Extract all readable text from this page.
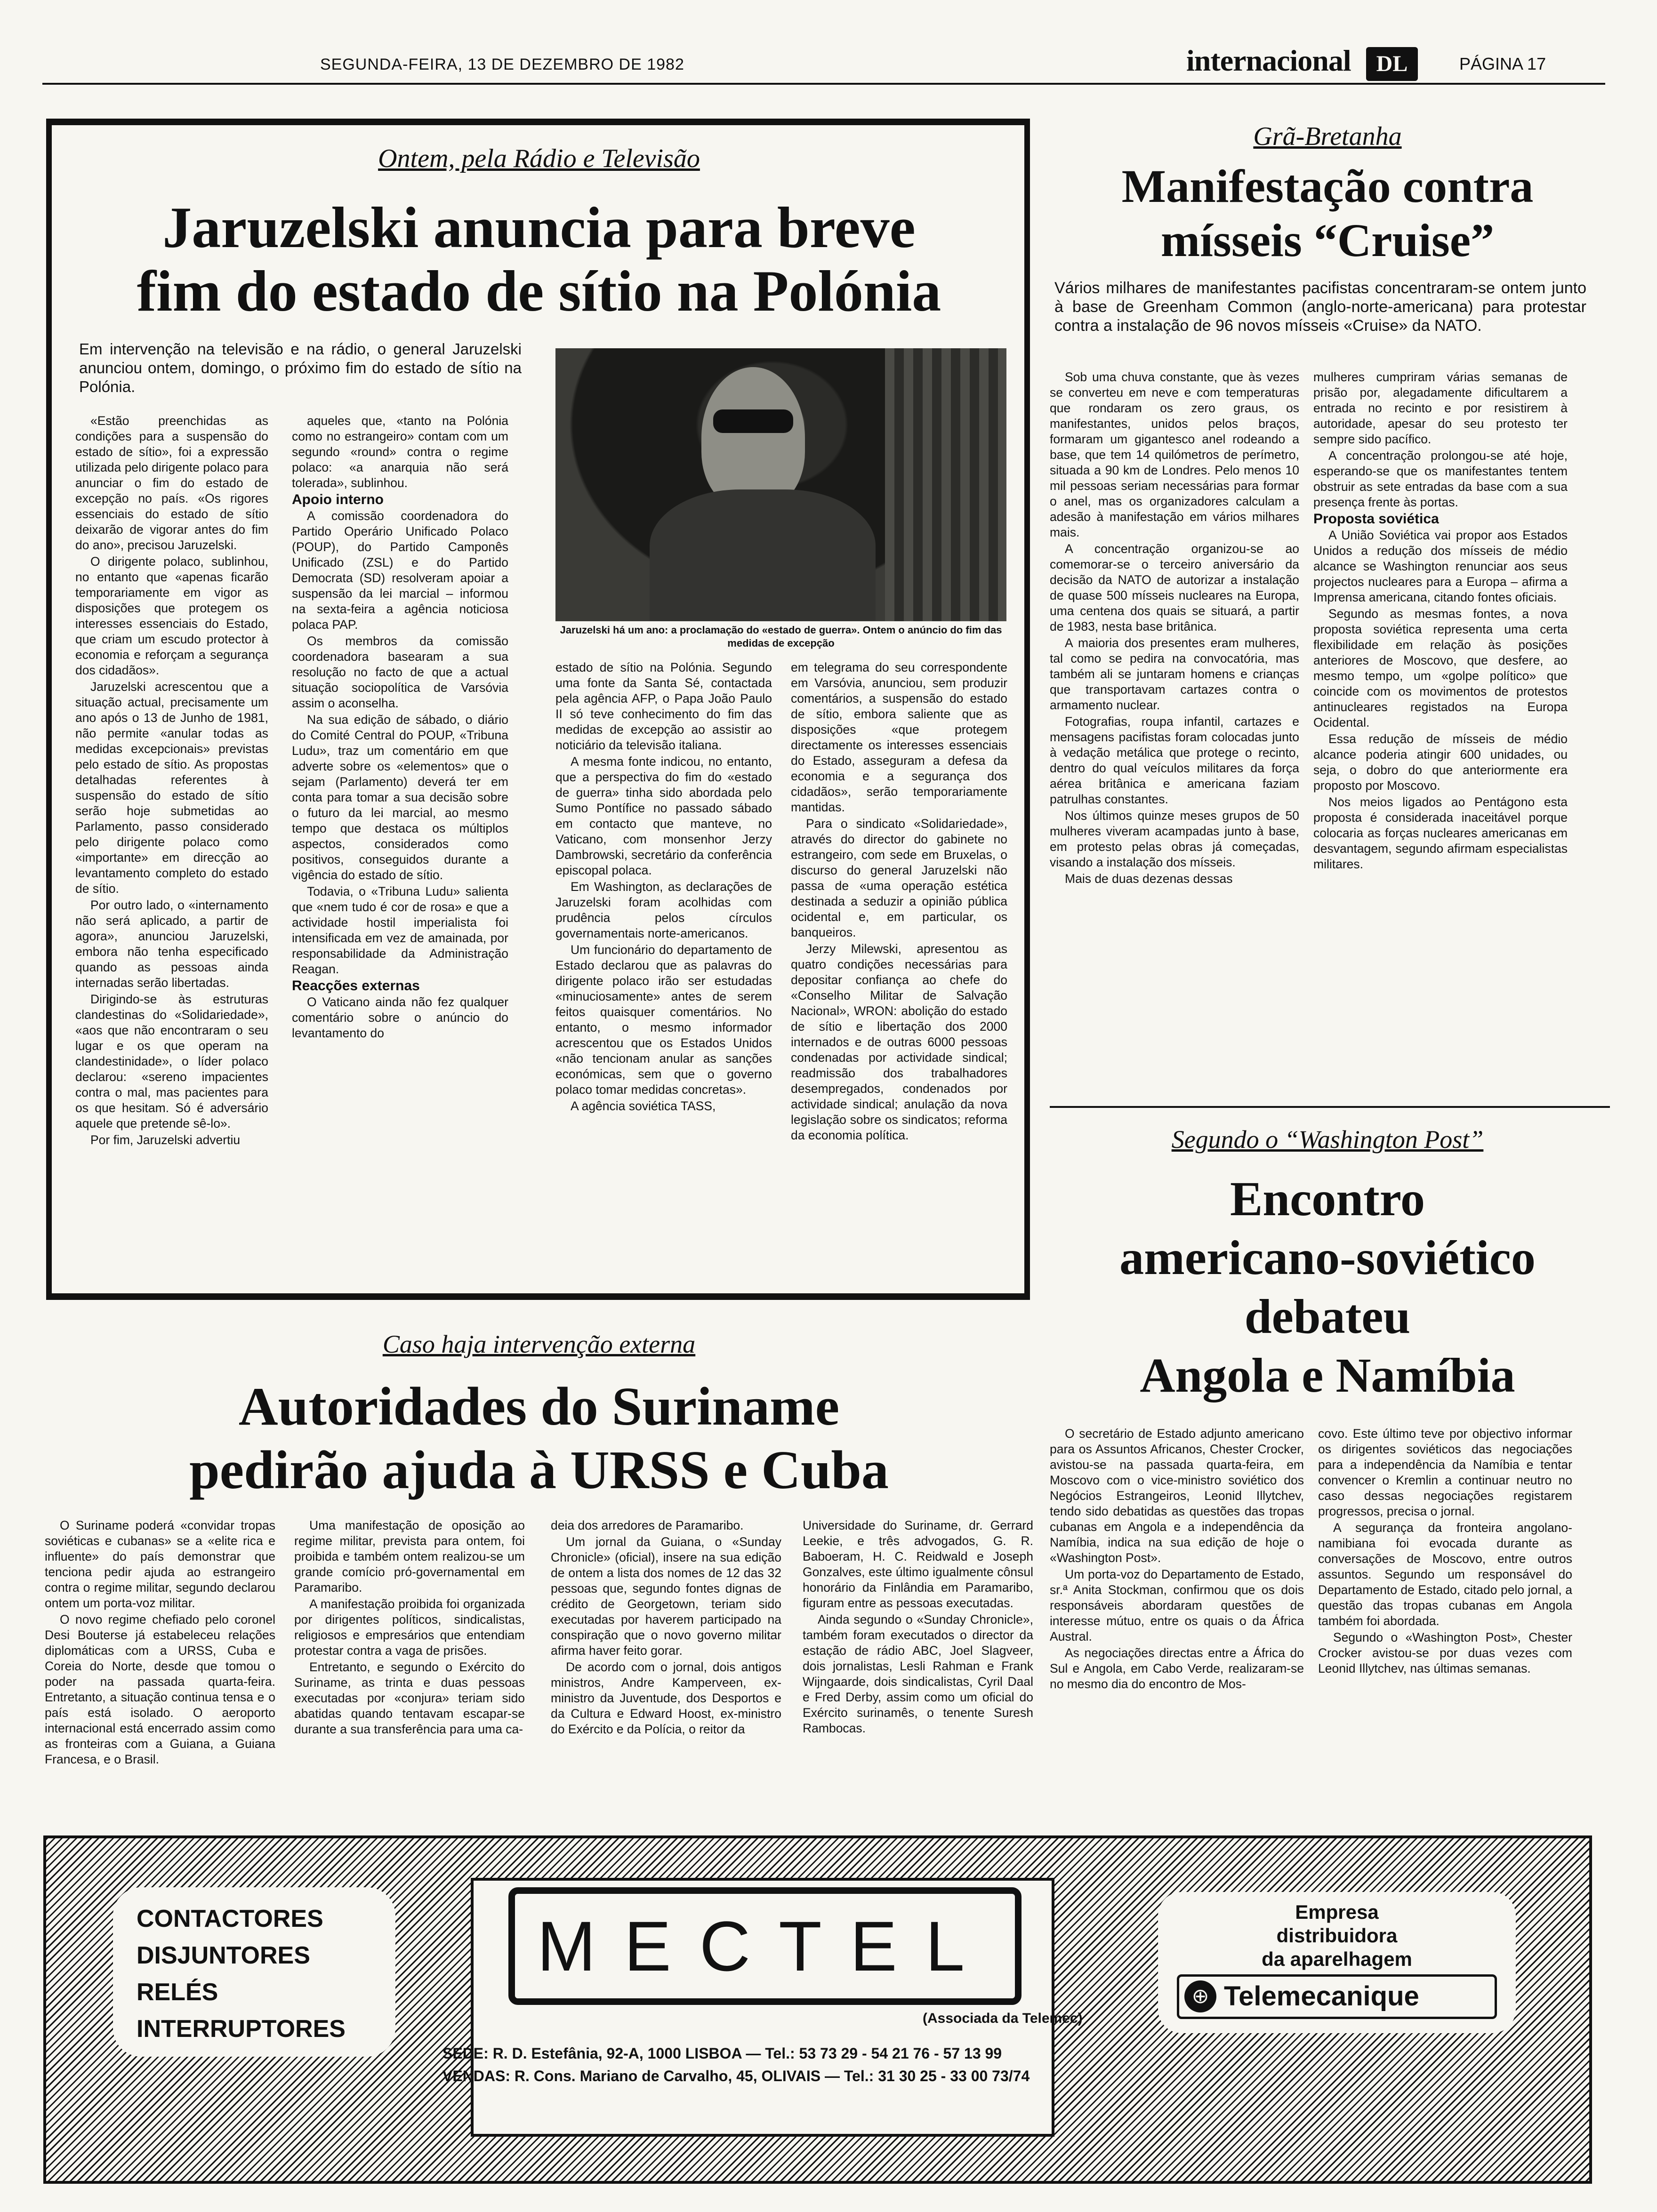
SEGUNDA-FEIRA, 13 DE DEZEMBRO DE 1982	internacional	DL	PÁGINA 17
Ontem, pela Rádio e Televisão
Jaruzelski anuncia para breve
fim do estado de sítio na Polónia
Em intervenção na televisão e na rádio, o general Jaruzelski anunciou ontem, domingo, o próximo fim do estado de sítio na Polónia.
Jaruzelski há um ano: a proclamação do «estado de guerra». Ontem o anúncio do fim das medidas de excepção

«Estão preenchidas as condições para a suspensão do estado de sítio», foi a expressão utilizada pelo dirigente polaco para anunciar o fim do estado de excepção no país. «Os rigores essenciais do estado de sítio deixarão de vigorar antes do fim do ano», precisou Jaruzelski.

O dirigente polaco, sublinhou, no entanto que «apenas ficarão temporariamente em vigor as disposições que protegem os interesses essenciais do Estado, que criam um escudo protector à economia e reforçam a segurança dos cidadãos».

Jaruzelski acrescentou que a situação actual, precisamente um ano após o 13 de Junho de 1981, não permite «anular todas as medidas excepcionais» previstas pelo estado de sítio. As propostas detalhadas referentes à suspensão do estado de sítio serão hoje submetidas ao Parlamento, passo considerado pelo dirigente polaco como «importante» em direcção ao levantamento completo do estado de sítio.

Por outro lado, o «internamento não será aplicado, a partir de agora», anunciou Jaruzelski, embora não tenha especificado quando as pessoas ainda internadas serão libertadas.

Dirigindo-se às estruturas clandestinas do «Solidariedade», «aos que não encontraram o seu lugar e os que operam na clandestinidade», o líder polaco declarou: «sereno impacientes contra o mal, mas pacientes para os que hesitam. Só é adversário aquele que pretende sê-lo».

Por fim, Jaruzelski advertiu

aqueles que, «tanto na Polónia como no estrangeiro» contam com um segundo «round» contra o regime polaco: «a anarquia não será tolerada», sublinhou.

Apoio interno

A comissão coordenadora do Partido Operário Unificado Polaco (POUP), do Partido Camponês Unificado (ZSL) e do Partido Democrata (SD) resolveram apoiar a suspensão da lei marcial – informou na sexta-feira a agência noticiosa polaca PAP.

Os membros da comissão coordenadora basearam a sua resolução no facto de que a actual situação sociopolítica de Varsóvia assim o aconselha.

Na sua edição de sábado, o diário do Comité Central do POUP, «Tribuna Ludu», traz um comentário em que adverte sobre os «elementos» que o sejam (Parlamento) deverá ter em conta para tomar a sua decisão sobre o futuro da lei marcial, ao mesmo tempo que destaca os múltiplos aspectos, considerados como positivos, conseguidos durante a vigência do estado de sítio.

Todavia, o «Tribuna Ludu» salienta que «nem tudo é cor de rosa» e que a actividade hostil imperialista foi intensificada em vez de amainada, por responsabilidade da Administração Reagan.

Reacções externas

O Vaticano ainda não fez qualquer comentário sobre o anúncio do levantamento do

estado de sítio na Polónia. Segundo uma fonte da Santa Sé, contactada pela agência AFP, o Papa João Paulo II só teve conhecimento do fim das medidas de excepção ao assistir ao noticiário da televisão italiana.

A mesma fonte indicou, no entanto, que a perspectiva do fim do «estado de guerra» tinha sido abordada pelo Sumo Pontífice no passado sábado em contacto que manteve, no Vaticano, com monsenhor Jerzy Dambrowski, secretário da conferência episcopal polaca.

Em Washington, as declarações de Jaruzelski foram acolhidas com prudência pelos círculos governamentais norte-americanos.

Um funcionário do departamento de Estado declarou que as palavras do dirigente polaco irão ser estudadas «minuciosamente» antes de serem feitos quaisquer comentários. No entanto, o mesmo informador acrescentou que os Estados Unidos «não tencionam anular as sanções económicas, sem que o governo polaco tomar medidas concretas».

A agência soviética TASS,

em telegrama do seu correspondente em Varsóvia, anunciou, sem produzir comentários, a suspensão do estado de sítio, embora saliente que as disposições «que protegem directamente os interesses essenciais do Estado, asseguram a defesa da economia e a segurança dos cidadãos», serão temporariamente mantidas.

Para o sindicato «Solidariedade», através do director do gabinete no estrangeiro, com sede em Bruxelas, o discurso do general Jaruzelski não passa de «uma operação estética destinada a seduzir a opinião pública ocidental e, em particular, os banqueiros.

Jerzy Milewski, apresentou as quatro condições necessárias para depositar confiança ao chefe do «Conselho Militar de Salvação Nacional», WRON: abolição do estado de sítio e libertação dos 2000 internados e de outras 6000 pessoas condenadas por actividade sindical; readmissão dos trabalhadores desempregados, condenados por actividade sindical; anulação da nova legislação sobre os sindicatos; reforma da economia política.

Grã-Bretanha
Manifestação contra
mísseis “Cruise”
Vários milhares de manifestantes pacifistas concentraram-se ontem junto à base de Greenham Common (anglo-norte-americana) para protestar contra a instalação de 96 novos mísseis «Cruise» da NATO.

Sob uma chuva constante, que às vezes se converteu em neve e com temperaturas que rondaram os zero graus, os manifestantes, unidos pelos braços, formaram um gigantesco anel rodeando a base, que tem 14 quilómetros de perímetro, situada a 90 km de Londres. Pelo menos 10 mil pessoas seriam necessárias para formar o anel, mas os organizadores calculam a adesão à manifestação em vários milhares mais.

A concentração organizou-se ao comemorar-se o terceiro aniversário da decisão da NATO de autorizar a instalação de quase 500 mísseis nucleares na Europa, uma centena dos quais se situará, a partir de 1983, nesta base britânica.

A maioria dos presentes eram mulheres, tal como se pedira na convocatória, mas também ali se juntaram homens e crianças que transportavam cartazes contra o armamento nuclear.

Fotografias, roupa infantil, cartazes e mensagens pacifistas foram colocadas junto à vedação metálica que protege o recinto, dentro do qual veículos militares da força aérea britânica e americana faziam patrulhas constantes.

Nos últimos quinze meses grupos de 50 mulheres viveram acampadas junto à base, em protesto pelas obras já começadas, visando a instalação dos mísseis.

Mais de duas dezenas dessas

mulheres cumpriram várias semanas de prisão por, alegadamente dificultarem a entrada no recinto e por resistirem à autoridade, apesar do seu protesto ter sempre sido pacífico.

A concentração prolongou-se até hoje, esperando-se que os manifestantes tentem obstruir as sete entradas da base com a sua presença frente às portas.

Proposta soviética

A União Soviética vai propor aos Estados Unidos a redução dos mísseis de médio alcance se Washington renunciar aos seus projectos nucleares para a Europa – afirma a Imprensa americana, citando fontes oficiais.

Segundo as mesmas fontes, a nova proposta soviética representa uma certa flexibilidade em relação às posições anteriores de Moscovo, que desfere, ao mesmo tempo, um «golpe político» que coincide com os movimentos de protestos antinucleares registados na Europa Ocidental.

Essa redução de mísseis de médio alcance poderia atingir 600 unidades, ou seja, o dobro do que anteriormente era proposto por Moscovo.

Nos meios ligados ao Pentágono esta proposta é considerada inaceitável porque colocaria as forças nucleares americanas em desvantagem, segundo afirmam especialistas militares.

Segundo o “Washington Post”
Encontro
americano-soviético
debateu
Angola e Namíbia

O secretário de Estado adjunto americano para os Assuntos Africanos, Chester Crocker, avistou-se na passada quarta-feira, em Moscovo com o vice-ministro soviético dos Negócios Estrangeiros, Leonid Illytchev, tendo sido debatidas as questões das tropas cubanas em Angola e a independência da Namíbia, indica na sua edição de hoje o «Washington Post».

Um porta-voz do Departamento de Estado, sr.ª Anita Stockman, confirmou que os dois responsáveis abordaram questões de interesse mútuo, entre os quais o da África Austral.

As negociações directas entre a África do Sul e Angola, em Cabo Verde, realizaram-se no mesmo dia do encontro de Mos-

covo. Este último teve por objectivo informar os dirigentes soviéticos das negociações para a independência da Namíbia e tentar convencer o Kremlin a continuar neutro no caso dessas negociações registarem progressos, precisa o jornal.

A segurança da fronteira angolano-namibiana foi evocada durante as conversações de Moscovo, entre outros assuntos. Segundo um responsável do Departamento de Estado, citado pelo jornal, a questão das tropas cubanas em Angola também foi abordada.

Segundo o «Washington Post», Chester Crocker avistou-se por duas vezes com Leonid Illytchev, nas últimas semanas.

Caso haja intervenção externa
Autoridades do Suriname
pedirão ajuda à URSS e Cuba

O Suriname poderá «convidar tropas soviéticas e cubanas» se a «elite rica e influente» do país demonstrar que tenciona pedir ajuda ao estrangeiro contra o regime militar, segundo declarou ontem um porta-voz militar.

O novo regime chefiado pelo coronel Desi Bouterse já estabeleceu relações diplomáticas com a URSS, Cuba e Coreia do Norte, desde que tomou o poder na passada quarta-feira. Entretanto, a situação continua tensa e o país está isolado. O aeroporto internacional está encerrado assim como as fronteiras com a Guiana, a Guiana Francesa, e o Brasil.

Uma manifestação de oposição ao regime militar, prevista para ontem, foi proibida e também ontem realizou-se um grande comício pró-governamental em Paramaribo.

A manifestação proibida foi organizada por dirigentes políticos, sindicalistas, religiosos e empresários que entendiam protestar contra a vaga de prisões.

Entretanto, e segundo o Exército do Suriname, as trinta e duas pessoas executadas por «conjura» teriam sido abatidas quando tentavam escapar-se durante a sua transferência para uma ca-

deia dos arredores de Paramaribo.

Um jornal da Guiana, o «Sunday Chronicle» (oficial), insere na sua edição de ontem a lista dos nomes de 12 das 32 pessoas que, segundo fontes dignas de crédito de Georgetown, teriam sido executadas por haverem participado na conspiração que o novo governo militar afirma haver feito gorar.

De acordo com o jornal, dois antigos ministros, Andre Kamperveen, ex-ministro da Juventude, dos Desportos e da Cultura e Edward Hoost, ex-ministro do Exército e da Polícia, o reitor da

Universidade do Suriname, dr. Gerrard Leekie, e três advogados, G. R. Baboeram, H. C. Reidwald e Joseph Gonzalves, este último igualmente cônsul honorário da Finlândia em Paramaribo, figuram entre as pessoas executadas.

Ainda segundo o «Sunday Chronicle», também foram executados o director da estação de rádio ABC, Joel Slagveer, dois jornalistas, Lesli Rahman e Frank Wijngaarde, dois sindicalistas, Cyril Daal e Fred Derby, assim como um oficial do Exército surinamês, o tenente Suresh Rambocas.

CONTACTORES
DISJUNTORES
RELÉS
INTERRUPTORES
MECTEL
(Associada da Telemec)
SEDE: R. D. Estefânia, 92-A, 1000 LISBOA — Tel.: 53 73 29 - 54 21 76 - 57 13 99
VENDAS: R. Cons. Mariano de Carvalho, 45, OLIVAIS — Tel.: 31 30 25 - 33 00 73/74
Empresa
distribuidora
da aparelhagem
⊕ Telemecanique
